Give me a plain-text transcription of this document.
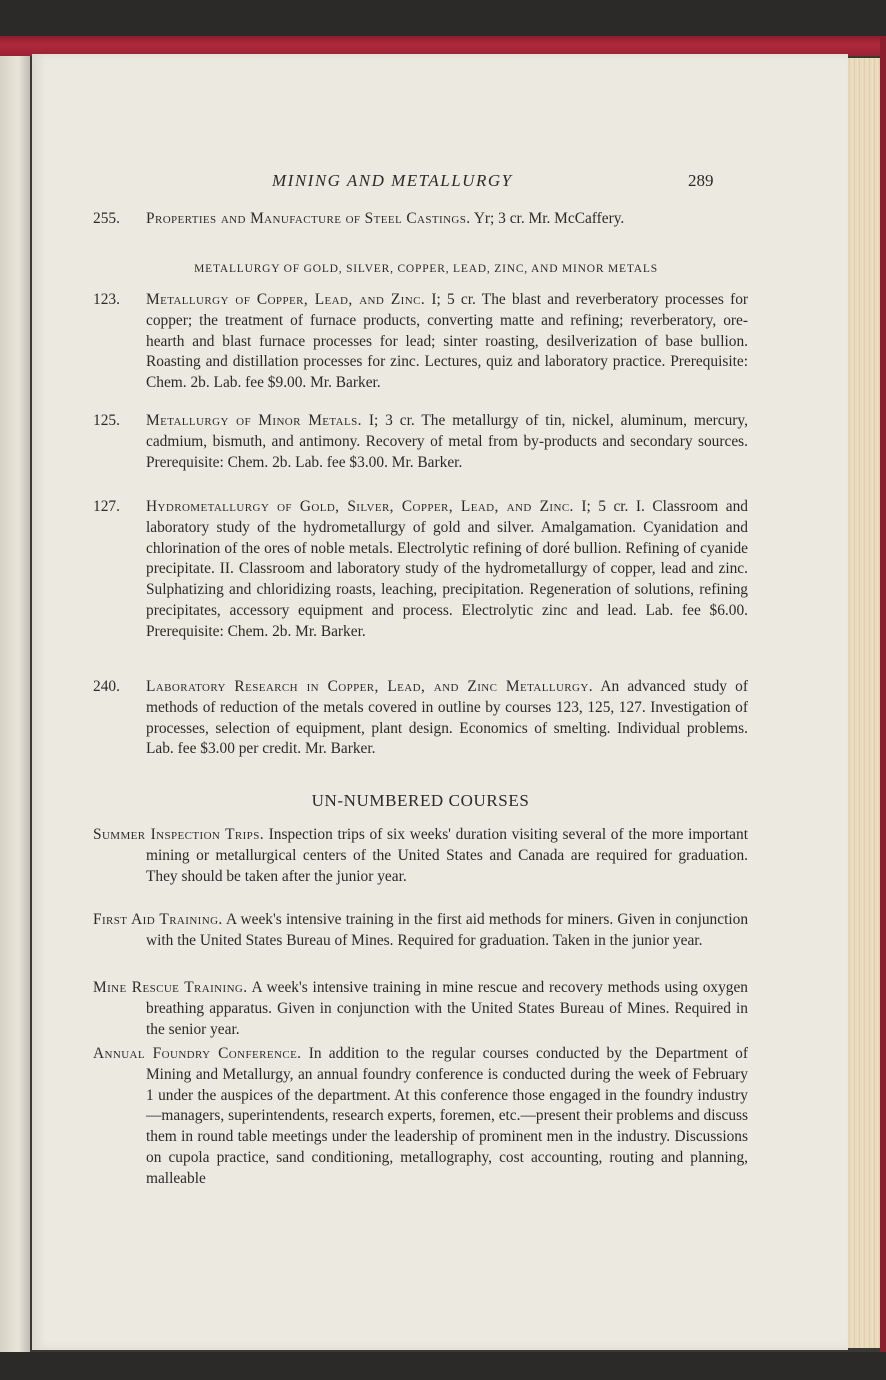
MINING AND METALLURGY	289
255. Properties and Manufacture of Steel Castings. Yr; 3 cr. Mr. McCaffery.
METALLURGY OF GOLD, SILVER, COPPER, LEAD, ZINC, AND MINOR METALS
123. Metallurgy of Copper, Lead, and Zinc. I; 5 cr. The blast and reverberatory processes for copper; the treatment of furnace products, converting matte and refining; reverberatory, ore-hearth and blast furnace processes for lead; sinter roasting, desilverization of base bullion. Roasting and distillation processes for zinc. Lectures, quiz and laboratory practice. Prerequisite: Chem. 2b. Lab. fee $9.00. Mr. Barker.
125. Metallurgy of Minor Metals. I; 3 cr. The metallurgy of tin, nickel, aluminum, mercury, cadmium, bismuth, and antimony. Recovery of metal from by-products and secondary sources. Prerequisite: Chem. 2b. Lab. fee $3.00. Mr. Barker.
127. Hydrometallurgy of Gold, Silver, Copper, Lead, and Zinc. I; 5 cr. I. Classroom and laboratory study of the hydrometallurgy of gold and silver. Amalgamation. Cyanidation and chlorination of the ores of noble metals. Electrolytic refining of doré bullion. Refining of cyanide precipitate. II. Classroom and laboratory study of the hydrometallurgy of copper, lead and zinc. Sulphatizing and chloridizing roasts, leaching, precipitation. Regeneration of solutions, refining precipitates, accessory equipment and process. Electrolytic zinc and lead. Lab. fee $6.00. Prerequisite: Chem. 2b. Mr. Barker.
240. Laboratory Research in Copper, Lead, and Zinc Metallurgy. An advanced study of methods of reduction of the metals covered in outline by courses 123, 125, 127. Investigation of processes, selection of equipment, plant design. Economics of smelting. Individual problems. Lab. fee $3.00 per credit. Mr. Barker.
UN-NUMBERED COURSES
Summer Inspection Trips. Inspection trips of six weeks' duration visiting several of the more important mining or metallurgical centers of the United States and Canada are required for graduation. They should be taken after the junior year.
First Aid Training. A week's intensive training in the first aid methods for miners. Given in conjunction with the United States Bureau of Mines. Required for graduation. Taken in the junior year.
Mine Rescue Training. A week's intensive training in mine rescue and recovery methods using oxygen breathing apparatus. Given in conjunction with the United States Bureau of Mines. Required in the senior year.
Annual Foundry Conference. In addition to the regular courses conducted by the Department of Mining and Metallurgy, an annual foundry conference is conducted during the week of February 1 under the auspices of the department. At this conference those engaged in the foundry industry—managers, superintendents, research experts, foremen, etc.—present their problems and discuss them in round table meetings under the leadership of prominent men in the industry. Discussions on cupola practice, sand conditioning, metallography, cost accounting, routing and planning, malleable
